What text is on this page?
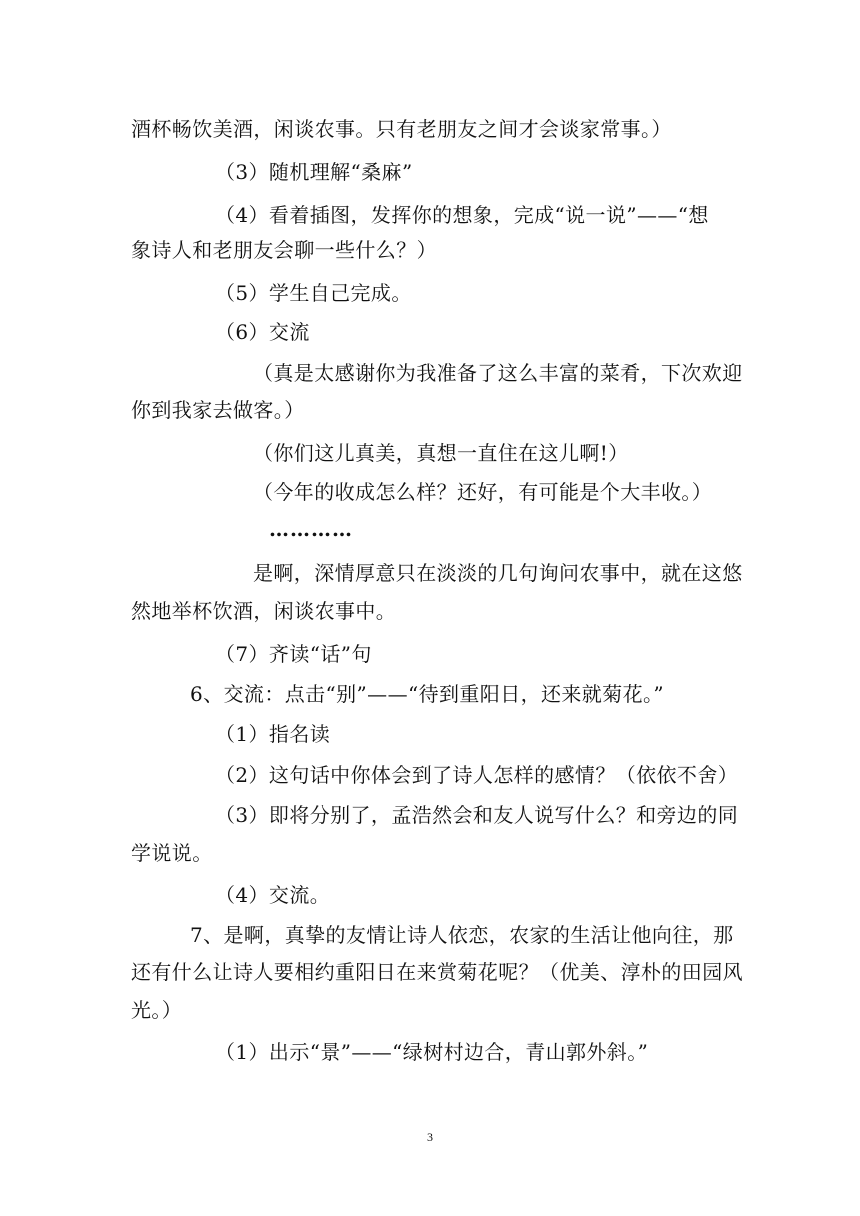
酒杯畅饮美酒，闲谈农事。只有老朋友之间才会谈家常事。）
（3）随机理解“桑麻”
（4）看着插图，发挥你的想象，完成“说一说”——“想
象诗人和老朋友会聊一些什么？）
（5）学生自己完成。
（6）交流
（真是太感谢你为我准备了这么丰富的菜肴，下次欢迎
你到我家去做客。）
（你们这儿真美，真想一直住在这儿啊!）
（今年的收成怎么样？还好，有可能是个大丰收。）
…………
是啊，深情厚意只在淡淡的几句询问农事中，就在这悠
然地举杯饮酒，闲谈农事中。
（7）齐读“话”句
6、交流：点击“别”——“待到重阳日，还来就菊花。”
（1）指名读
（2）这句话中你体会到了诗人怎样的感情？（依依不舍）
（3）即将分别了，孟浩然会和友人说写什么？和旁边的同
学说说。
（4）交流。
7、是啊，真挚的友情让诗人依恋，农家的生活让他向往，那
还有什么让诗人要相约重阳日在来赏菊花呢？（优美、淳朴的田园风
光。）
（1）出示“景”——“绿树村边合，青山郭外斜。”
3
